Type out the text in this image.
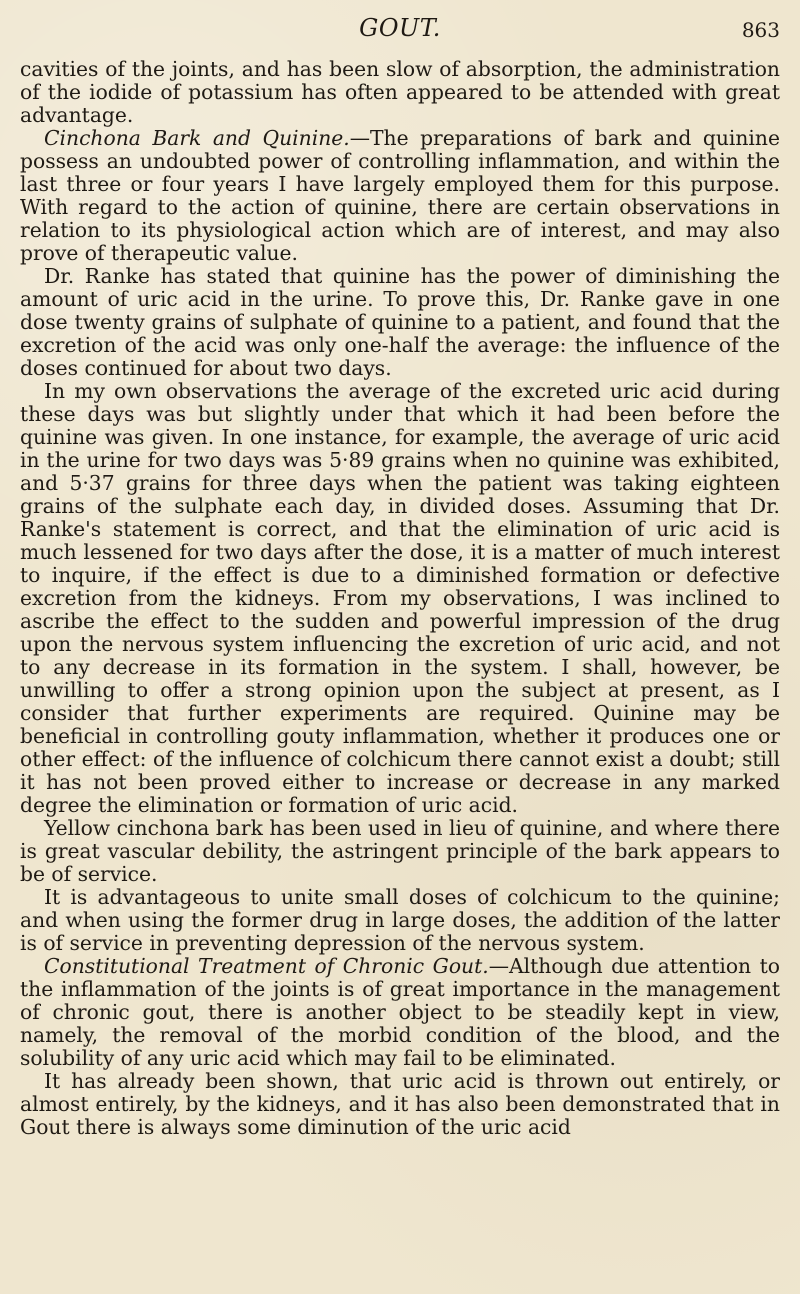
GOUT.	863

cavities of the joints, and has been slow of absorption, the administration of the iodide of potassium has often appeared to be attended with great advantage.

Cinchona Bark and Quinine.—The preparations of bark and quinine possess an undoubted power of controlling inflammation, and within the last three or four years I have largely employed them for this purpose. With regard to the action of quinine, there are certain observations in relation to its physiological action which are of interest, and may also prove of therapeutic value.

Dr. Ranke has stated that quinine has the power of diminishing the amount of uric acid in the urine. To prove this, Dr. Ranke gave in one dose twenty grains of sulphate of quinine to a patient, and found that the excretion of the acid was only one-half the average: the influence of the doses continued for about two days.

In my own observations the average of the excreted uric acid during these days was but slightly under that which it had been before the quinine was given. In one instance, for example, the average of uric acid in the urine for two days was 5·89 grains when no quinine was exhibited, and 5·37 grains for three days when the patient was taking eighteen grains of the sulphate each day, in divided doses. Assuming that Dr. Ranke's statement is correct, and that the elimination of uric acid is much lessened for two days after the dose, it is a matter of much interest to inquire, if the effect is due to a diminished formation or defective excretion from the kidneys. From my observations, I was inclined to ascribe the effect to the sudden and powerful impression of the drug upon the nervous system influencing the excretion of uric acid, and not to any decrease in its formation in the system. I shall, however, be unwilling to offer a strong opinion upon the subject at present, as I consider that further experiments are required. Quinine may be beneficial in controlling gouty inflammation, whether it produces one or other effect: of the influence of colchicum there cannot exist a doubt; still it has not been proved either to increase or decrease in any marked degree the elimination or formation of uric acid.

Yellow cinchona bark has been used in lieu of quinine, and where there is great vascular debility, the astringent principle of the bark appears to be of service.

It is advantageous to unite small doses of colchicum to the quinine; and when using the former drug in large doses, the addition of the latter is of service in preventing depression of the nervous system.

Constitutional Treatment of Chronic Gout.—Although due attention to the inflammation of the joints is of great importance in the management of chronic gout, there is another object to be steadily kept in view, namely, the removal of the morbid condition of the blood, and the solubility of any uric acid which may fail to be eliminated.

It has already been shown, that uric acid is thrown out entirely, or almost entirely, by the kidneys, and it has also been demonstrated that in Gout there is always some diminution of the uric acid
